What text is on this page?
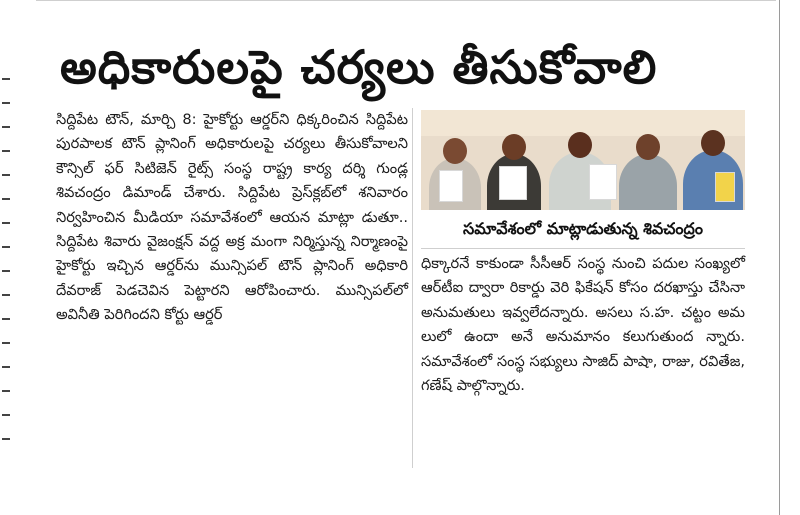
అధికారులపై చర్యలు తీసుకోవాలి

సిద్దిపేట టౌన్, మార్చి 8: హైకోర్టు ఆర్డర్‌ని ధిక్కరించిన సిద్దిపేట పురపాలక టౌన్ ప్లానింగ్ అధికారులపై చర్యలు తీసుకోవాలని కౌన్సిల్ ఫర్ సిటిజెన్ రైట్స్ సంస్థ రాష్ట్ర కార్య దర్శి గుండ్ల శివచంద్రం డిమాండ్ చేశారు. సిద్దిపేట ప్రెస్‌క్లబ్‌లో శనివారం నిర్వహించిన మీడియా సమావేశంలో ఆయన మాట్లా డుతూ.. సిద్దిపేట శివారు వైజంక్షన్ వద్ద అక్ర మంగా నిర్మిస్తున్న నిర్మాణంపై హైకోర్టు ఇచ్చిన ఆర్డర్‌ను మున్సిపల్ టౌన్ ప్లానింగ్ అధికారి దేవరాజ్ పెడచెవిన పెట్టారని ఆరోపించారు. మున్సిపల్‌లో అవినీతి పెరిగిందని కోర్టు ఆర్డర్

సమావేశంలో మాట్లాడుతున్న శివచంద్రం

ధిక్కారనే కాకుండా సీసీఆర్ సంస్థ నుంచి పదుల సంఖ్యలో ఆర్‌టీఐ ద్వారా రికార్డు వెరి ఫికేషన్ కోసం దరఖాస్తు చేసినా అనుమతులు ఇవ్వలేదన్నారు. అసలు స.హ. చట్టం అమ లులో ఉందా అనే అనుమానం కలుగుతుంద న్నారు. సమావేశంలో సంస్థ సభ్యులు సాజిద్ పాషా, రాజు, రవితేజ, గణేష్ పాల్గొన్నారు.
